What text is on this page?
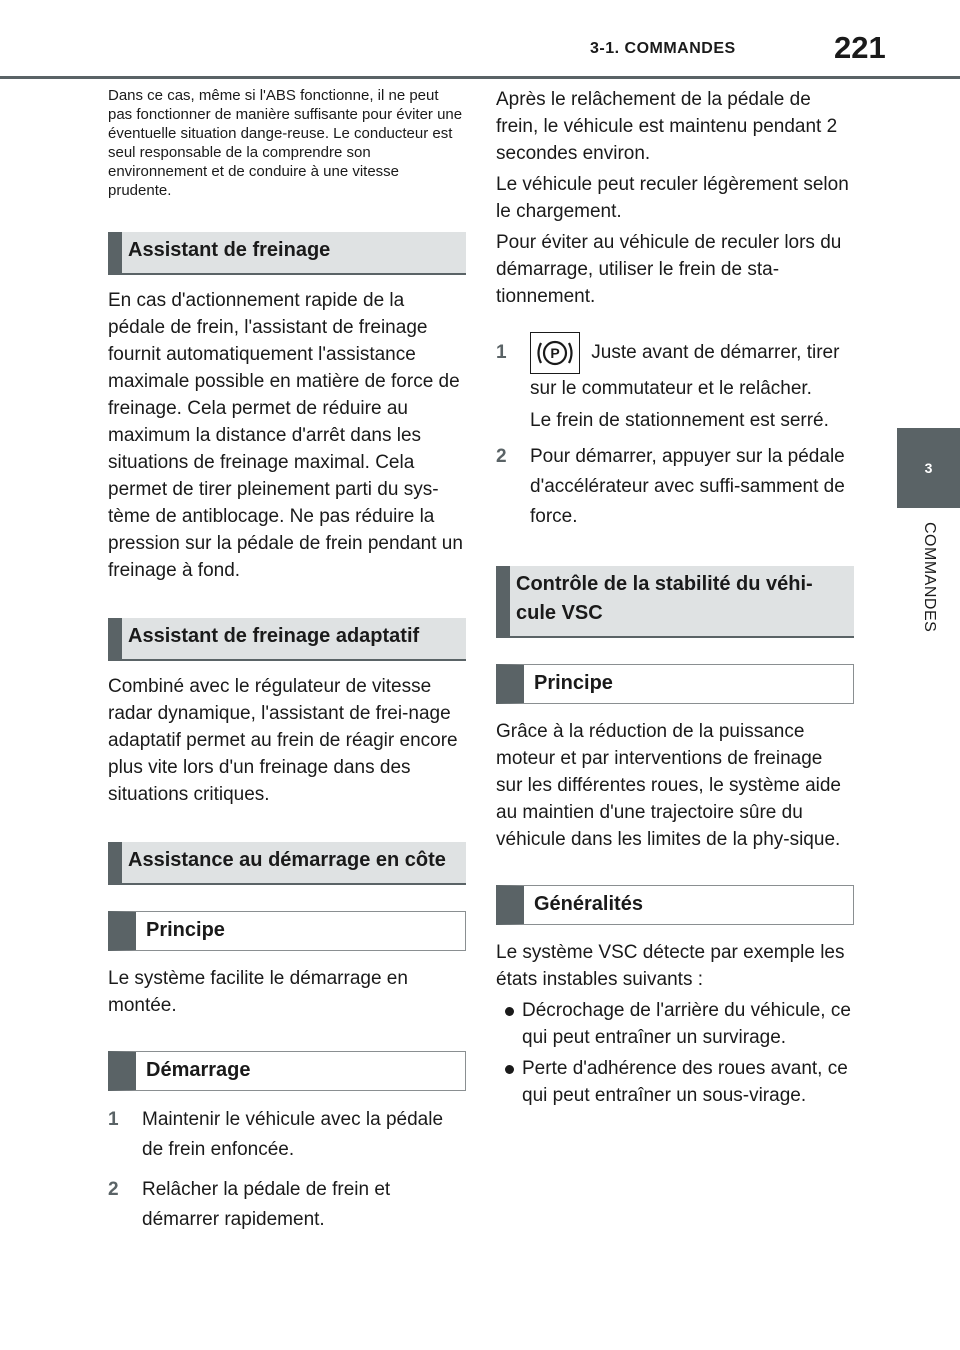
221
3-1. COMMANDES
3
COMMANDES

Dans ce cas, même si l'ABS fonctionne, il ne peut pas fonctionner de manière suffisante pour éviter une éventuelle situation dange-reuse. Le conducteur est seul responsable de la comprendre son environnement et de conduire à une vitesse prudente.

Assistant de freinage

En cas d'actionnement rapide de la pédale de frein, l'assistant de freinage fournit automatiquement l'assistance maximale possible en matière de force de freinage. Cela permet de réduire au maximum la distance d'arrêt dans les situations de freinage maximal. Cela permet de tirer pleinement parti du sys-tème de antiblocage. Ne pas réduire la pression sur la pédale de frein pendant un freinage à fond.

Assistant de freinage adaptatif

Combiné avec le régulateur de vitesse radar dynamique, l'assistant de frei-nage adaptatif permet au frein de réagir encore plus vite lors d'un freinage dans des situations critiques.

Assistance au démarrage en côte
Principe

Le système facilite le démarrage en montée.

Démarrage
1	Maintenir le véhicule avec la pédale de frein enfoncée.
2	Relâcher la pédale de frein et démarrer rapidement.

Après le relâchement de la pédale de frein, le véhicule est maintenu pendant 2 secondes environ.

Le véhicule peut reculer légèrement selon le chargement.

Pour éviter au véhicule de reculer lors du démarrage, utiliser le frein de sta-tionnement.

1	P Juste avant de démarrer, tirer sur le commutateur et le relâcher.
Le frein de stationnement est serré.
2	Pour démarrer, appuyer sur la pédale d'accélérateur avec suffi-samment de force.
Contrôle de la stabilité du véhi-cule VSC
Principe

Grâce à la réduction de la puissance moteur et par interventions de freinage sur les différentes roues, le système aide au maintien d'une trajectoire sûre du véhicule dans les limites de la phy-sique.

Généralités

Le système VSC détecte par exemple les états instables suivants :

Décrochage de l'arrière du véhicule, ce qui peut entraîner un survirage.
Perte d'adhérence des roues avant, ce qui peut entraîner un sous-virage.
